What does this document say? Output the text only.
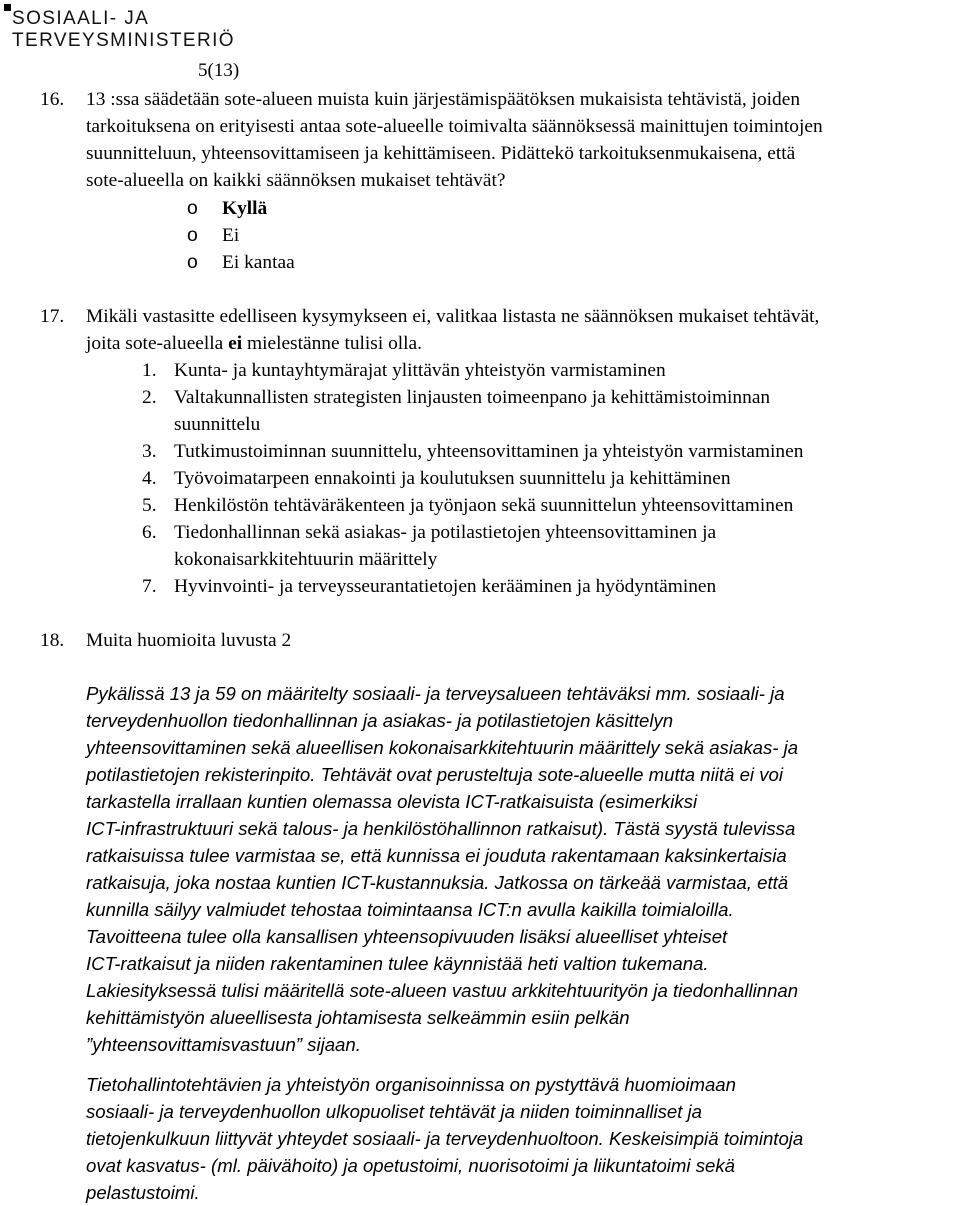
SOSIAALI- JA
TERVEYSMINISTERIÖ
5(13)
16. 13 :ssa säädetään sote-alueen muista kuin järjestämispäätöksen mukaisista tehtävistä, joiden
tarkoituksena on erityisesti antaa sote-alueelle toimivalta säännöksessä mainittujen toimintojen
suunnitteluun, yhteensovittamiseen ja kehittämiseen. Pidättekö tarkoituksenmukaisena, että
sote-alueella on kaikki säännöksen mukaiset tehtävät?
o Kyllä
o Ei
o Ei kantaa
17. Mikäli vastasitte edelliseen kysymykseen ei, valitkaa listasta ne säännöksen mukaiset tehtävät,
joita sote-alueella ei mielestänne tulisi olla.
1. Kunta- ja kuntayhtymärajat ylittävän yhteistyön varmistaminen
2. Valtakunnallisten strategisten linjausten toimeenpano ja kehittämistoiminnan
suunnittelu
3. Tutkimustoiminnan suunnittelu, yhteensovittaminen ja yhteistyön varmistaminen
4. Työvoimatarpeen ennakointi ja koulutuksen suunnittelu ja kehittäminen
5. Henkilöstön tehtäväräkenteen ja työnjaon sekä suunnittelun yhteensovittaminen
6. Tiedonhallinnan sekä asiakas- ja potilastietojen yhteensovittaminen ja
kokonaisarkkitehtuurin määrittely
7. Hyvinvointi- ja terveysseurantatietojen kerääminen ja hyödyntäminen
18. Muita huomioita luvusta 2
Pykälissä 13 ja 59 on määritelty sosiaali- ja terveysalueen tehtäväksi mm. sosiaali- ja
terveydenhuollon tiedonhallinnan ja asiakas- ja potilastietojen käsittelyn
yhteensovittaminen sekä alueellisen kokonaisarkkitehtuurin määrittely sekä asiakas- ja
potilastietojen rekisterinpito. Tehtävät ovat perusteltuja sote-alueelle mutta niitä ei voi
tarkastella irrallaan kuntien olemassa olevista ICT-ratkaisuista (esimerkiksi
ICT-infrastruktuuri sekä talous- ja henkilöstöhallinnon ratkaisut). Tästä syystä tulevissa
ratkaisuissa tulee varmistaa se, että kunnissa ei jouduta rakentamaan kaksinkertaisia
ratkaisuja, joka nostaa kuntien ICT-kustannuksia. Jatkossa on tärkeää varmistaa, että
kunnilla säilyy valmiudet tehostaa toimintaansa ICT:n avulla kaikilla toimialoilla.
Tavoitteena tulee olla kansallisen yhteensopivuuden lisäksi alueelliset yhteiset
ICT-ratkaisut ja niiden rakentaminen tulee käynnistää heti valtion tukemana.
Lakiesityksessä tulisi määritellä sote-alueen vastuu arkkitehtuurityön ja tiedonhallinnan
kehittämistyön alueellisesta johtamisesta selkeämmin esiin pelkän
”yhteensovittamisvastuun” sijaan.
Tietohallintotehtävien ja yhteistyön organisoinnissa on pystyttävä huomioimaan
sosiaali- ja terveydenhuollon ulkopuoliset tehtävät ja niiden toiminnalliset ja
tietojenkulkuun liittyvät yhteydet sosiaali- ja terveydenhuoltoon. Keskeisimpiä toimintoja
ovat kasvatus- (ml. päivähoito) ja opetustoimi, nuorisotoimi ja liikuntatoimi sekä
pelastustoimi.
